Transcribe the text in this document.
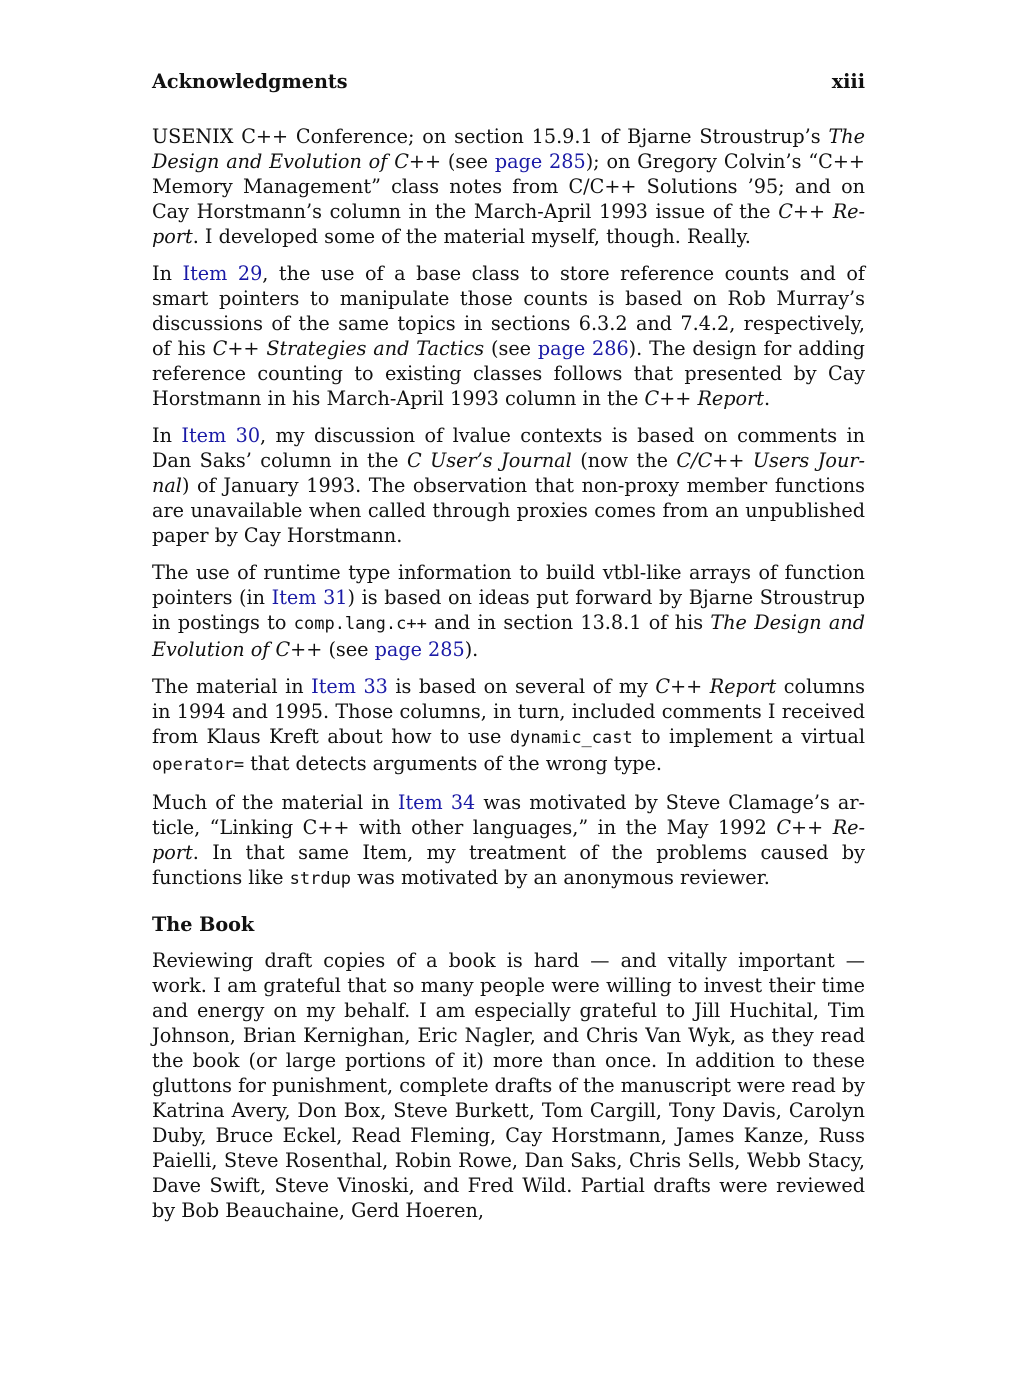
Acknowledgments	xiii

USENIX C++ Conference; on section 15.9.1 of Bjarne Stroustrup’s The Design and Evolution of C++ (see page 285); on Gregory Colvin’s “C++ Memory Management” class notes from C/C++ Solutions ’95; and on Cay Horstmann’s column in the March-April 1993 issue of the C++ Report. I developed some of the material myself, though. Really.

In Item 29, the use of a base class to store reference counts and of smart pointers to manipulate those counts is based on Rob Murray’s discussions of the same topics in sections 6.3.2 and 7.4.2, respectively, of his C++ Strategies and Tactics (see page 286). The design for adding reference counting to existing classes follows that presented by Cay Horstmann in his March-April 1993 column in the C++ Report.

In Item 30, my discussion of lvalue contexts is based on comments in Dan Saks’ column in the C User’s Journal (now the C/C++ Users Journal) of January 1993. The observation that non-proxy member functions are unavailable when called through proxies comes from an unpublished paper by Cay Horstmann.

The use of runtime type information to build vtbl-like arrays of function pointers (in Item 31) is based on ideas put forward by Bjarne Stroustrup in postings to comp.lang.c++ and in section 13.8.1 of his The Design and Evolution of C++ (see page 285).

The material in Item 33 is based on several of my C++ Report columns in 1994 and 1995. Those columns, in turn, included comments I received from Klaus Kreft about how to use dynamic_cast to implement a virtual operator= that detects arguments of the wrong type.

Much of the material in Item 34 was motivated by Steve Clamage’s article, “Linking C++ with other languages,” in the May 1992 C++ Report. In that same Item, my treatment of the problems caused by functions like strdup was motivated by an anonymous reviewer.

The Book

Reviewing draft copies of a book is hard — and vitally important — work. I am grateful that so many people were willing to invest their time and energy on my behalf. I am especially grateful to Jill Huchital, Tim Johnson, Brian Kernighan, Eric Nagler, and Chris Van Wyk, as they read the book (or large portions of it) more than once. In addition to these gluttons for punishment, complete drafts of the manuscript were read by Katrina Avery, Don Box, Steve Burkett, Tom Cargill, Tony Davis, Carolyn Duby, Bruce Eckel, Read Fleming, Cay Horstmann, James Kanze, Russ Paielli, Steve Rosenthal, Robin Rowe, Dan Saks, Chris Sells, Webb Stacy, Dave Swift, Steve Vinoski, and Fred Wild. Partial drafts were reviewed by Bob Beauchaine, Gerd Hoeren,
